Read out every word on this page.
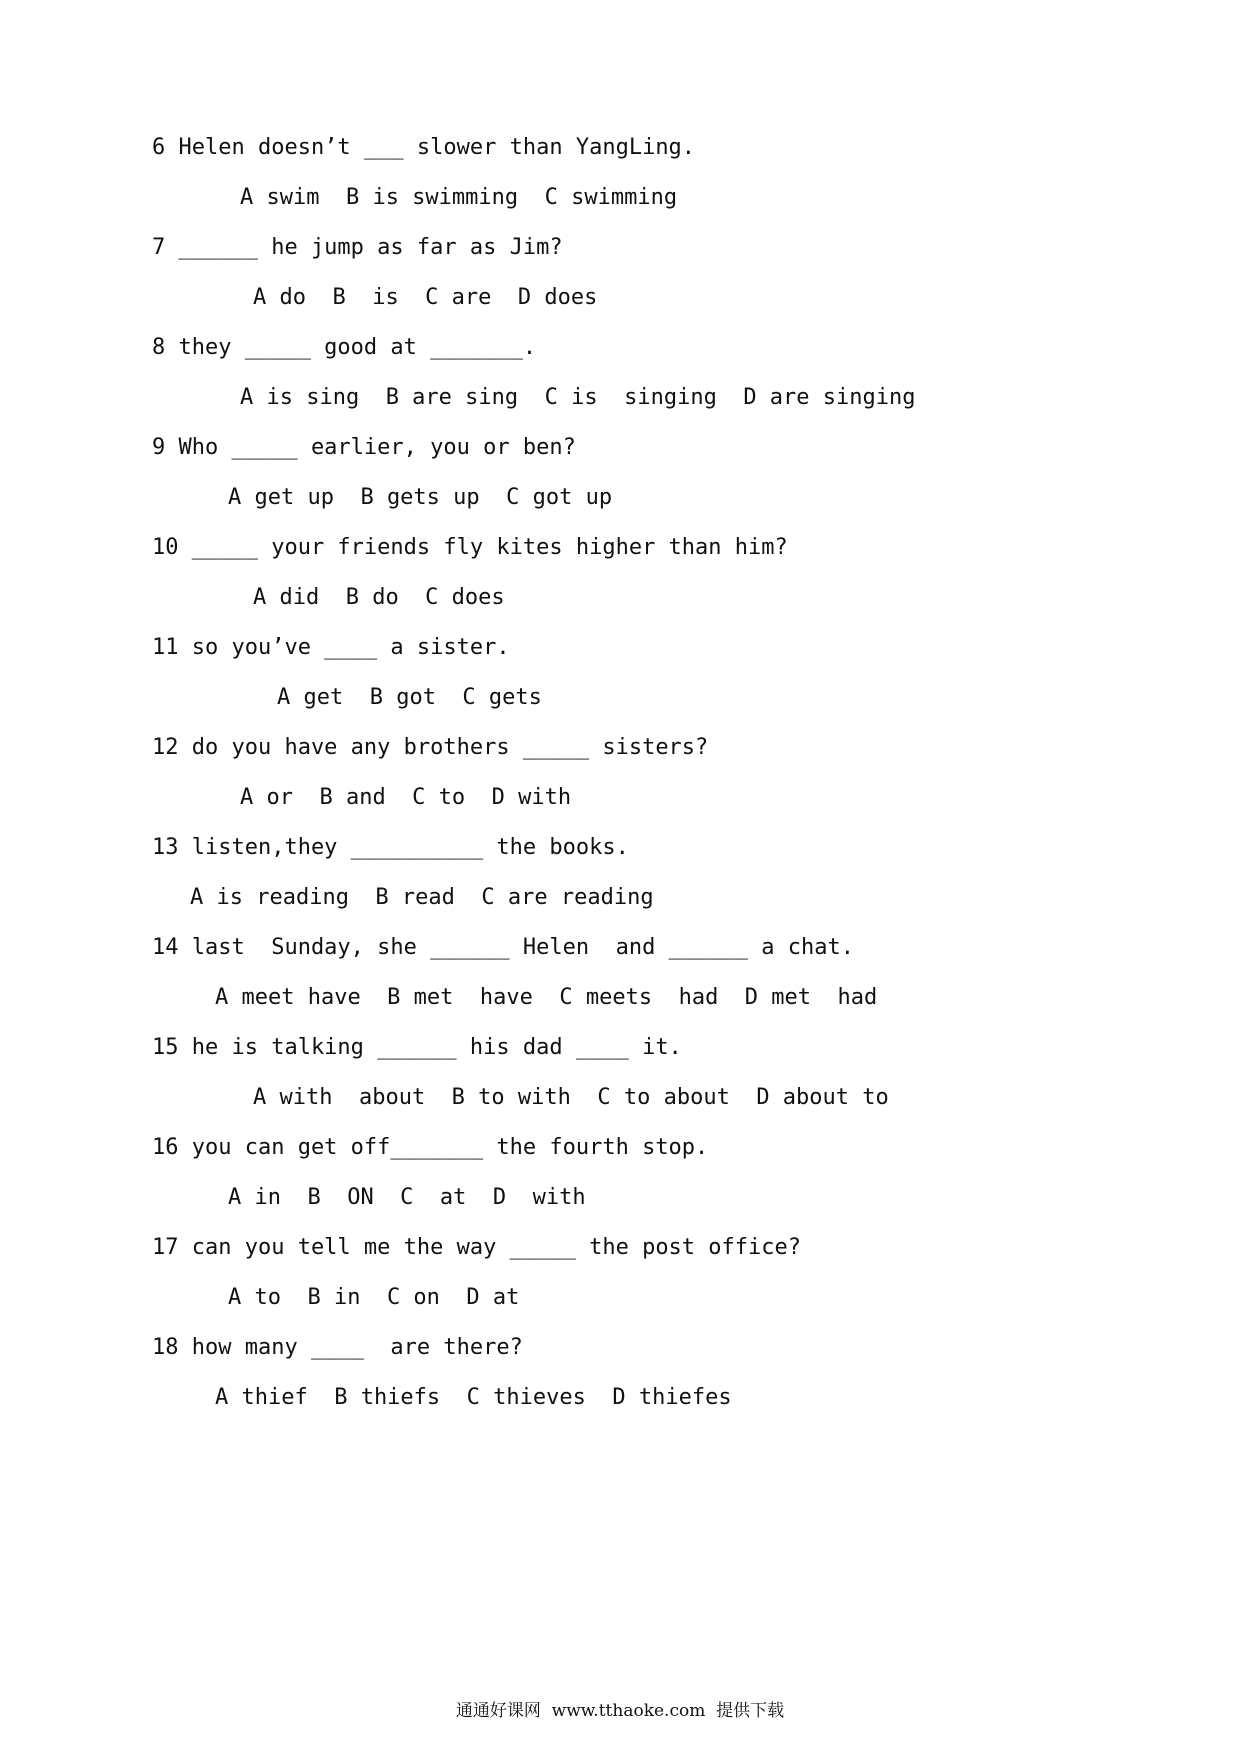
6 Helen doesn’t ___ slower than YangLing.
A swim  B is swimming  C swimming
7 ______ he jump as far as Jim?
A do  B  is  C are  D does
8 they _____ good at _______.
A is sing  B are sing  C is  singing  D are singing
9 Who _____ earlier, you or ben?
A get up  B gets up  C got up
10 _____ your friends fly kites higher than him?
A did  B do  C does
11 so you’ve ____ a sister.
A get  B got  C gets
12 do you have any brothers _____ sisters?
A or  B and  C to  D with
13 listen,they __________ the books.
A is reading  B read  C are reading
14 last  Sunday, she ______ Helen  and ______ a chat.
A meet have  B met  have  C meets  had  D met  had
15 he is talking ______ his dad ____ it.
A with  about  B to with  C to about  D about to
16 you can get off_______ the fourth stop.
A in  B  ON  C  at  D  with
17 can you tell me the way _____ the post office?
A to  B in  C on  D at
18 how many ____  are there?
A thief  B thiefs  C thieves  D thiefes
通通好课网  www.tthaoke.com  提供下载
